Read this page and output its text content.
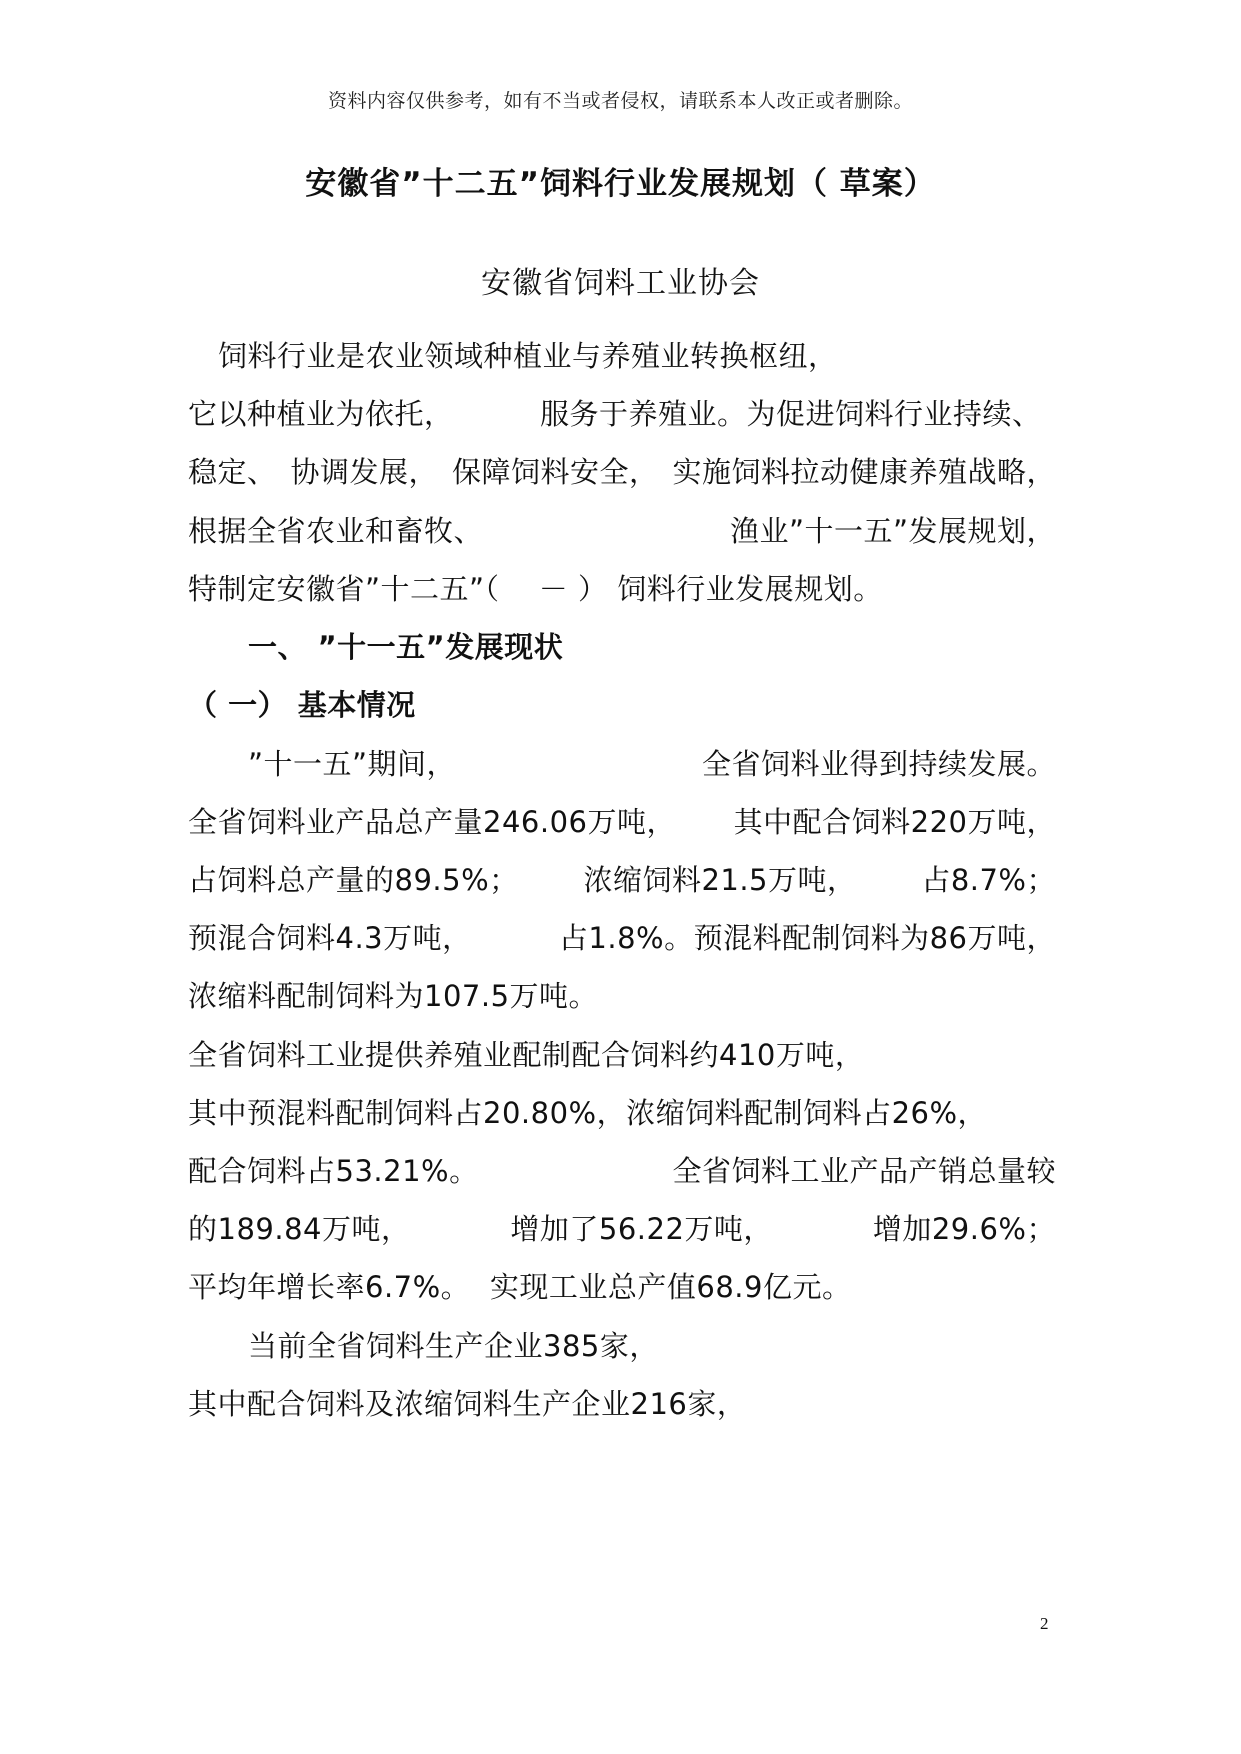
资料内容仅供参考，如有不当或者侵权，请联系本人改正或者删除。
安徽省”十二五”饲料行业发展规划（ 草案）
安徽省饲料工业协会
饲料行业是农业领域种植业与养殖业转换枢纽，
它以种植业为依托，	服务于养殖业。为促进饲料行业持续、
稳定、 协调发展， 保障饲料安全， 实施饲料拉动健康养殖战略，
根据全省农业和畜牧、	渔业”十一五”发展规划，
特制定安徽省”十二五”（　 － ） 饲料行业发展规划。
一、 ”十一五”发展现状
（ 一） 基本情况
”十一五”期间，	全省饲料业得到持续发展。
全省饲料业产品总产量246.06万吨， 其中配合饲料220万吨，
占饲料总产量的89.5%； 浓缩饲料21.5万吨， 占8.7%；
预混合饲料4.3万吨，	占1.8%。预混料配制饲料为86万吨，
浓缩料配制饲料为107.5万吨。
全省饲料工业提供养殖业配制配合饲料约410万吨，
其中预混料配制饲料占20.80%，浓缩饲料配制饲料占26%，
配合饲料占53.21%。	全省饲料工业产品产销总量较
的189.84万吨，	增加了56.22万吨，	增加29.6%；
平均年增长率6.7%。 实现工业总产值68.9亿元。
当前全省饲料生产企业385家，
其中配合饲料及浓缩饲料生产企业216家，
2
